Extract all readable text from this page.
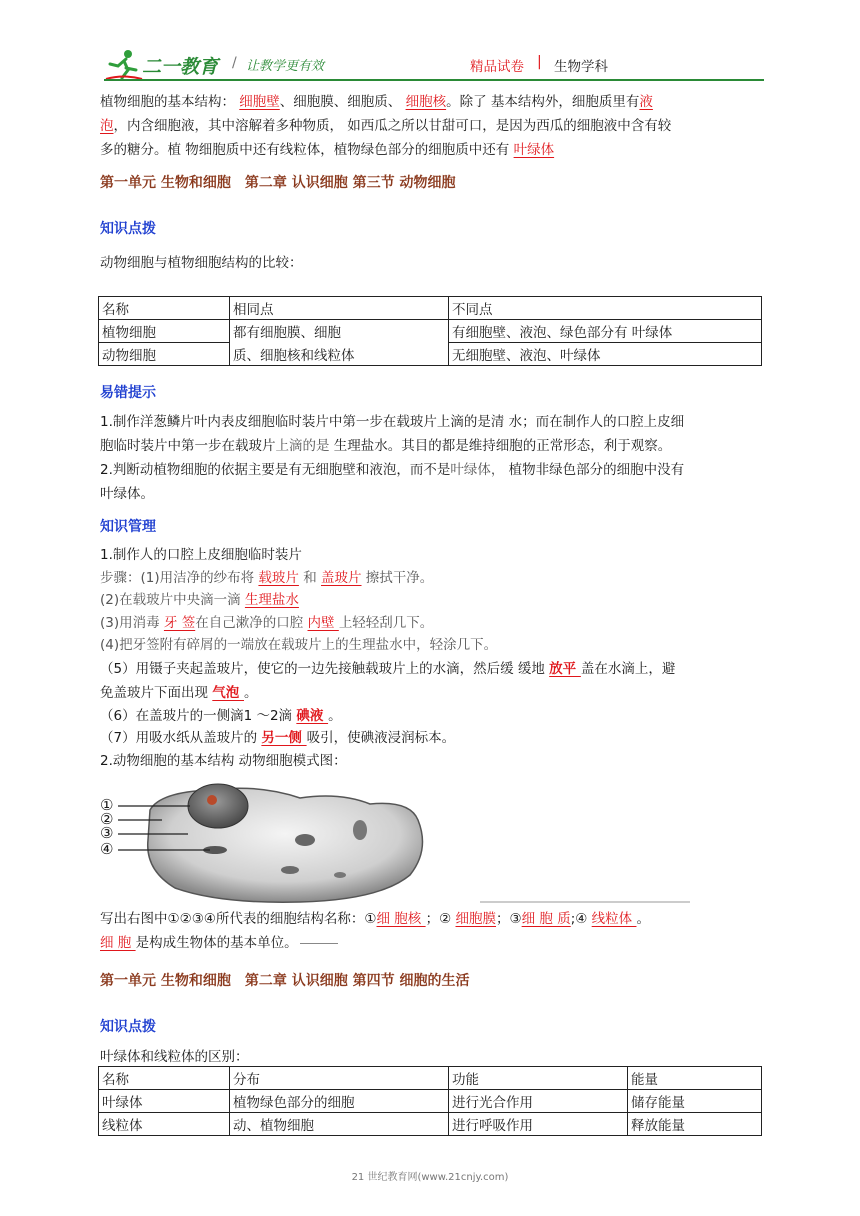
二一教育 / 让教学更有效	精品试卷 | 生物学科
植物细胞的基本结构： 细胞壁、细胞膜、细胞质、 细胞核。除了 基本结构外，细胞质里有液
泡，内含细胞液，其中溶解着多种物质， 如西瓜之所以甘甜可口，是因为西瓜的细胞液中含有较
多的糖分。植 物细胞质中还有线粒体，植物绿色部分的细胞质中还有 叶绿体
第一单元 生物和细胞　第二章 认识细胞 第三节 动物细胞
知识点拨
动物细胞与植物细胞结构的比较：
名称	相同点	不同点
植物细胞	都有细胞膜、细胞	有细胞壁、液泡、绿色部分有 叶绿体
动物细胞	质、细胞核和线粒体	无细胞壁、液泡、叶绿体
易错提示
1.制作洋葱鳞片叶内表皮细胞临时装片中第一步在载玻片上滴的是清 水；而在制作人的口腔上皮细
胞临时装片中第一步在载玻片上滴的是 生理盐水。其目的都是维持细胞的正常形态，利于观察。
2.判断动植物细胞的依据主要是有无细胞壁和液泡，而不是叶绿体， 植物非绿色部分的细胞中没有
叶绿体。
知识管理
1.制作人的口腔上皮细胞临时装片
步骤：(1)用洁净的纱布将 载玻片 和 盖玻片 擦拭干净。
(2)在载玻片中央滴一滴 生理盐水
(3)用消毒 牙 签在自己漱净的口腔 内壁 上轻轻刮几下。
(4)把牙签附有碎屑的一端放在载玻片上的生理盐水中，轻涂几下。
（5）用镊子夹起盖玻片，使它的一边先接触载玻片上的水滴，然后缓 缓地 放平 盖在水滴上，避
免盖玻片下面出现 气泡 。
（6）在盖玻片的一侧滴1 ～2滴 碘液 。
（7）用吸水纸从盖玻片的 另一侧 吸引，使碘液浸润标本。
2.动物细胞的基本结构 动物细胞模式图：
①
②
③
④
写出右图中①②③④所代表的细胞结构名称：①细 胞核 ；② 细胞膜；③细 胞 质;④ 线粒体 。
细 胞 是构成生物体的基本单位。
第一单元 生物和细胞　第二章 认识细胞 第四节 细胞的生活
知识点拨
叶绿体和线粒体的区别：
名称	分布	功能	能量
叶绿体	植物绿色部分的细胞	进行光合作用	储存能量
线粒体	动、植物细胞	进行呼吸作用	释放能量
21 世纪教育网(www.21cnjy.com)
